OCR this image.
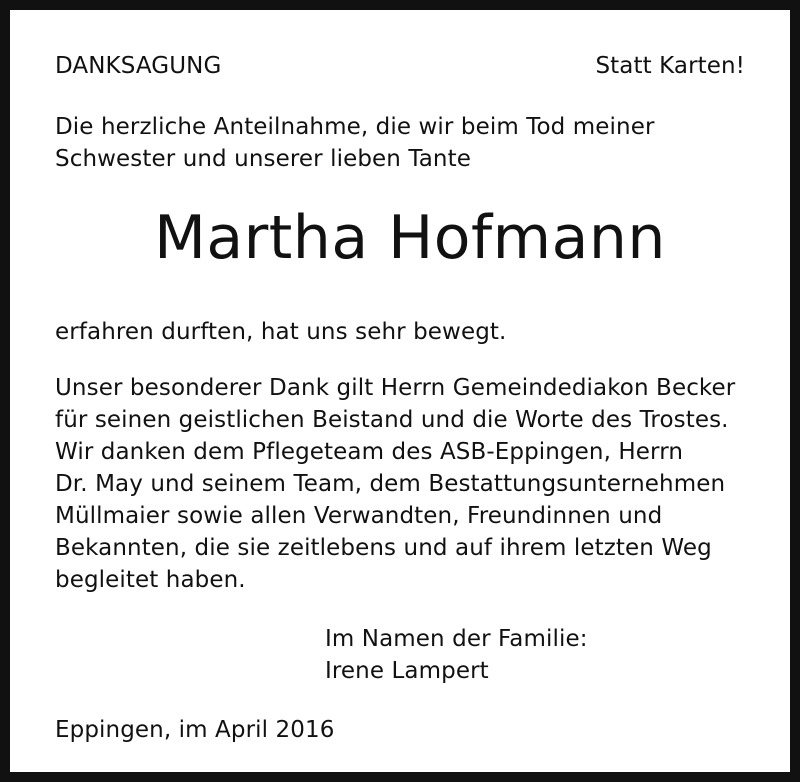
DANKSAGUNG	Statt Karten!
Die herzliche Anteilnahme, die wir beim Tod meiner
Schwester und unserer lieben Tante
Martha Hofmann
erfahren durften, hat uns sehr bewegt.
Unser besonderer Dank gilt Herrn Gemeindediakon Becker
für seinen geistlichen Beistand und die Worte des Trostes.
Wir danken dem Pflegeteam des ASB-Eppingen, Herrn
Dr. May und seinem Team, dem Bestattungsunternehmen
Müllmaier sowie allen Verwandten, Freundinnen und
Bekannten, die sie zeitlebens und auf ihrem letzten Weg
begleitet haben.
Im Namen der Familie:
Irene Lampert
Eppingen, im April 2016
